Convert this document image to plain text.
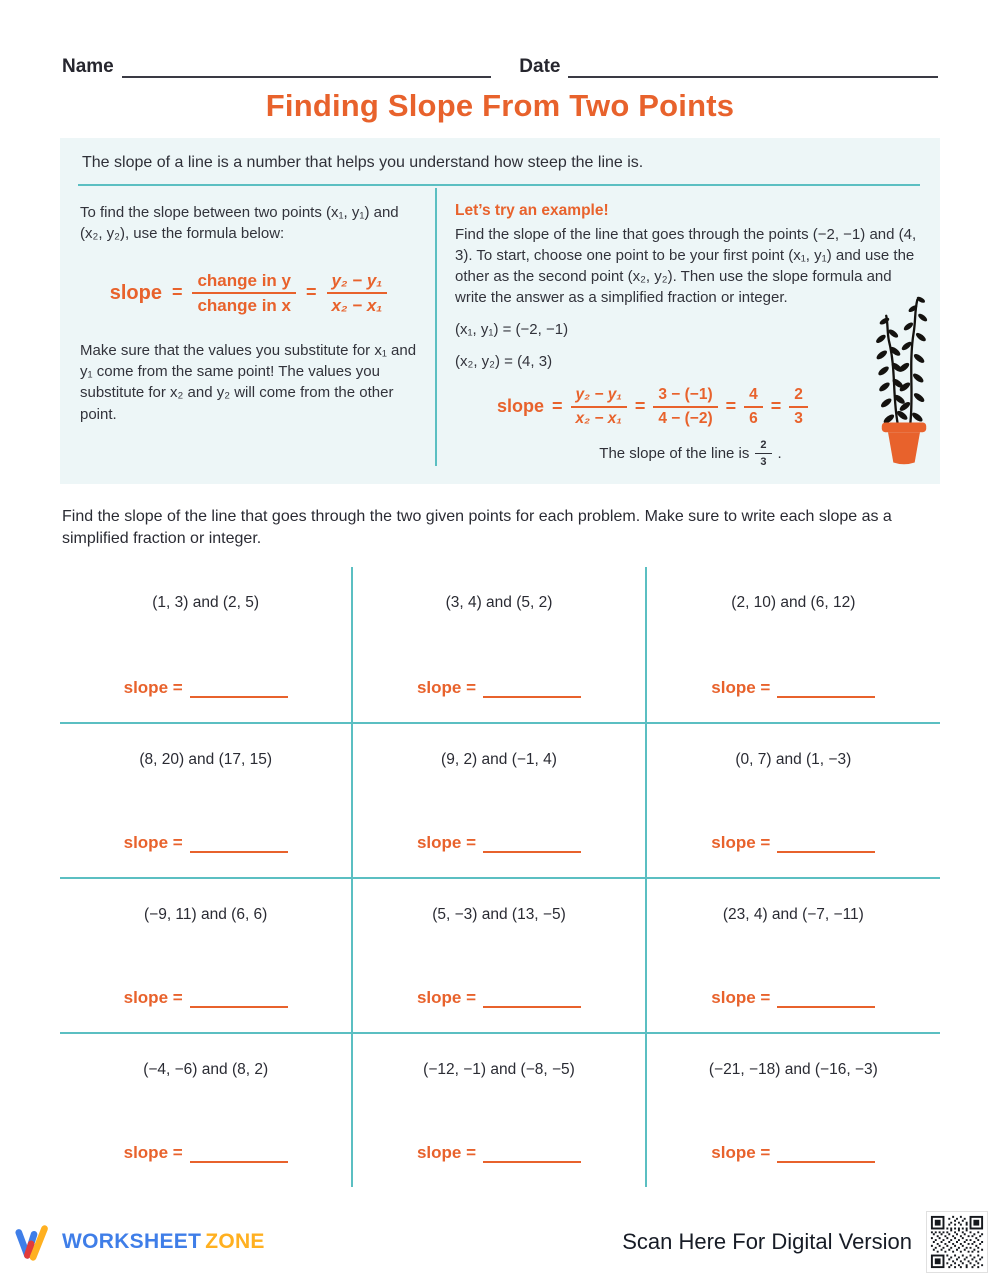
Name	Date
Finding Slope From Two Points

The slope of a line is a number that helps you understand how steep the line is.

To find the slope between two points (x₁, y₁) and (x₂, y₂), use the formula below:

slope = $\frac{\text{change in y}}{\text{change in x}} = \frac{\text{y₂ − y₁}}{\text{x₂ − x₁}}$

Make sure that the values you substitute for x₁ and y₁ come from the same point! The values you substitute for x₂ and y₂ will come from the other point.

Let’s try an example!

Find the slope of the line that goes through the points (−2, −1) and (4, 3). To start, choose one point to be your first point (x₁, y₁) and use the other as the second point (x₂, y₂). Then use the slope formula and write the answer as a simplified fraction or integer.

(x₁, y₁) = (−2, −1)

(x₂, y₂) = (4, 3)

slope = $\frac{\text{y₂ − y₁}}{\text{x₂ − x₁}} = \frac{3 - (-1)}{4 - (-2)} = \frac{4}{6} = \frac{2}{3}$
The slope of the line is $\frac{2}{3}$ .

Find the slope of the line that goes through the two given points for each problem. Make sure to write each slope as a simplified fraction or integer.

(1, 3) and (2, 5)
slope =
(3, 4) and (5, 2)
slope =
(2, 10) and (6, 12)
slope =
(8, 20) and (17, 15)
slope =
(9, 2) and (−1, 4)
slope =
(0, 7) and (1, −3)
slope =
(−9, 11) and (6, 6)
slope =
(5, −3) and (13, −5)
slope =
(23, 4) and (−7, −11)
slope =
(−4, −6) and (8, 2)
slope =
(−12, −1) and (−8, −5)
slope =
(−21, −18) and (−16, −3)
slope =
WORKSHEET ZONE	Scan Here For Digital Version
